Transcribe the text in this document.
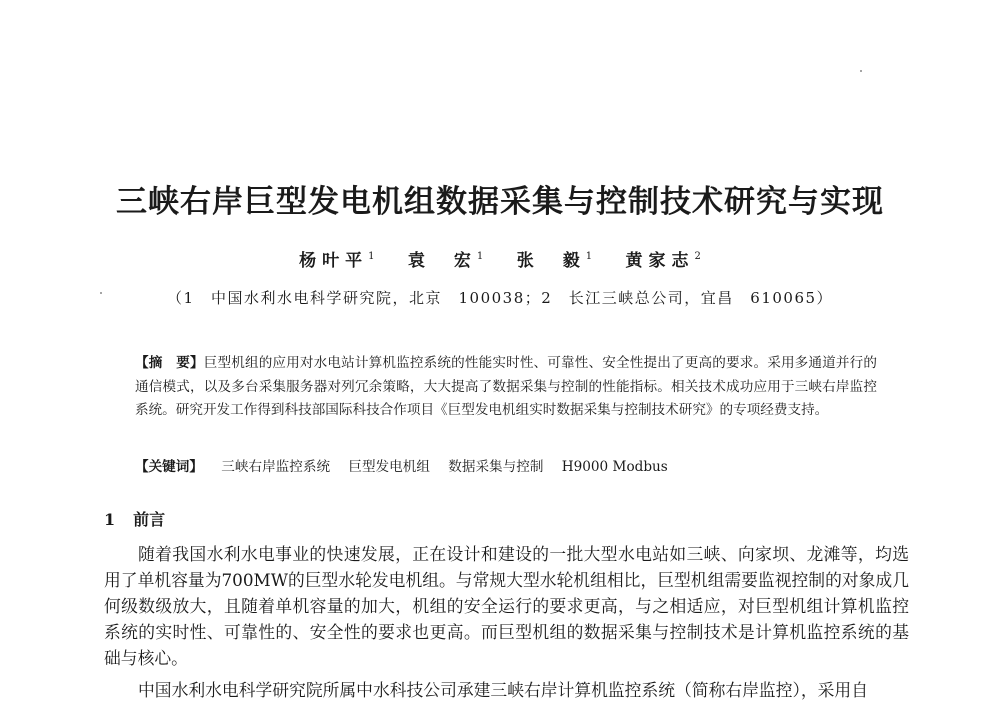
三峡右岸巨型发电机组数据采集与控制技术研究与实现
杨叶平$^1$ 袁　宏$^1$ 张　毅$^1$ 黄家志$^2$
（1　中国水利水电科学研究院，北京　100038；2　长江三峡总公司，宜昌　610065）

【摘　要】巨型机组的应用对水电站计算机监控系统的性能实时性、可靠性、安全性提出了更高的要求。采用多通道并行的通信模式，以及多台采集服务器对列冗余策略，大大提高了数据采集与控制的性能指标。相关技术成功应用于三峡右岸监控系统。研究开发工作得到科技部国际科技合作项目《巨型发电机组实时数据采集与控制技术研究》的专项经费支持。

【关键词】 三峡右岸监控系统 巨型发电机组 数据采集与控制 H9000 Modbus

1 前言

随着我国水利水电事业的快速发展，正在设计和建设的一批大型水电站如三峡、向家坝、龙滩等，均选用了单机容量为700MW的巨型水轮发电机组。与常规大型水轮机组相比，巨型机组需要监视控制的对象成几何级数级放大，且随着单机容量的加大，机组的安全运行的要求更高，与之相适应，对巨型机组计算机监控系统的实时性、可靠性的、安全性的要求也更高。而巨型机组的数据采集与控制技术是计算机监控系统的基础与核心。

中国水利水电科学研究院所属中水科技公司承建三峡右岸计算机监控系统（简称右岸监控），采用自
